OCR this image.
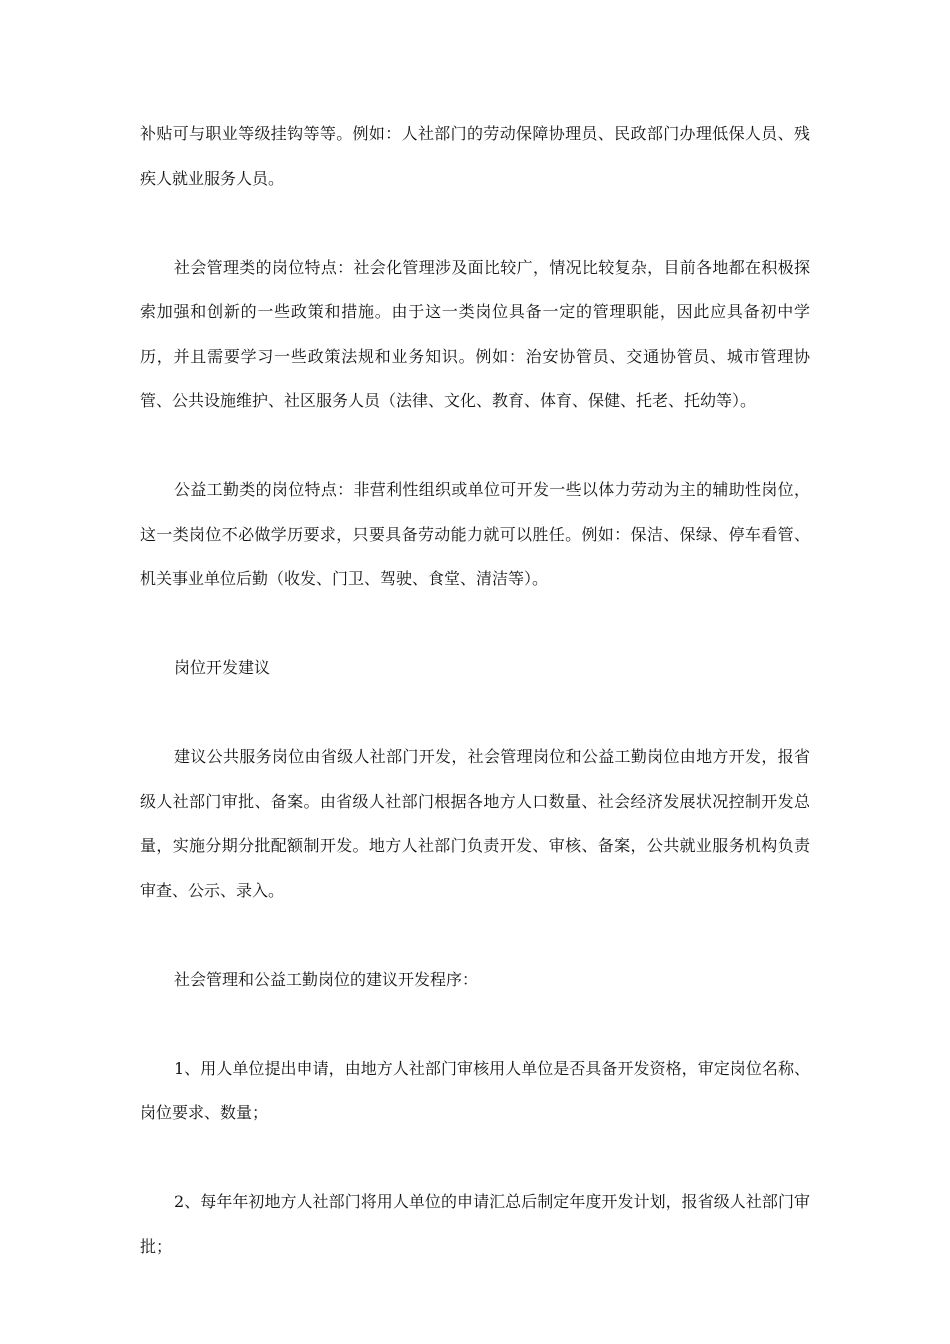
补贴可与职业等级挂钩等等。例如：人社部门的劳动保障协理员、民政部门办理低保人员、残疾人就业服务人员。

社会管理类的岗位特点：社会化管理涉及面比较广，情况比较复杂，目前各地都在积极探索加强和创新的一些政策和措施。由于这一类岗位具备一定的管理职能，因此应具备初中学历，并且需要学习一些政策法规和业务知识。例如：治安协管员、交通协管员、城市管理协管、公共设施维护、社区服务人员（法律、文化、教育、体育、保健、托老、托幼等）。

公益工勤类的岗位特点：非营利性组织或单位可开发一些以体力劳动为主的辅助性岗位，这一类岗位不必做学历要求，只要具备劳动能力就可以胜任。例如：保洁、保绿、停车看管、机关事业单位后勤（收发、门卫、驾驶、食堂、清洁等）。

岗位开发建议

建议公共服务岗位由省级人社部门开发，社会管理岗位和公益工勤岗位由地方开发，报省级人社部门审批、备案。由省级人社部门根据各地方人口数量、社会经济发展状况控制开发总量，实施分期分批配额制开发。地方人社部门负责开发、审核、备案，公共就业服务机构负责审查、公示、录入。

社会管理和公益工勤岗位的建议开发程序：

1、用人单位提出申请，由地方人社部门审核用人单位是否具备开发资格，审定岗位名称、岗位要求、数量；

2、每年年初地方人社部门将用人单位的申请汇总后制定年度开发计划，报省级人社部门审批；
